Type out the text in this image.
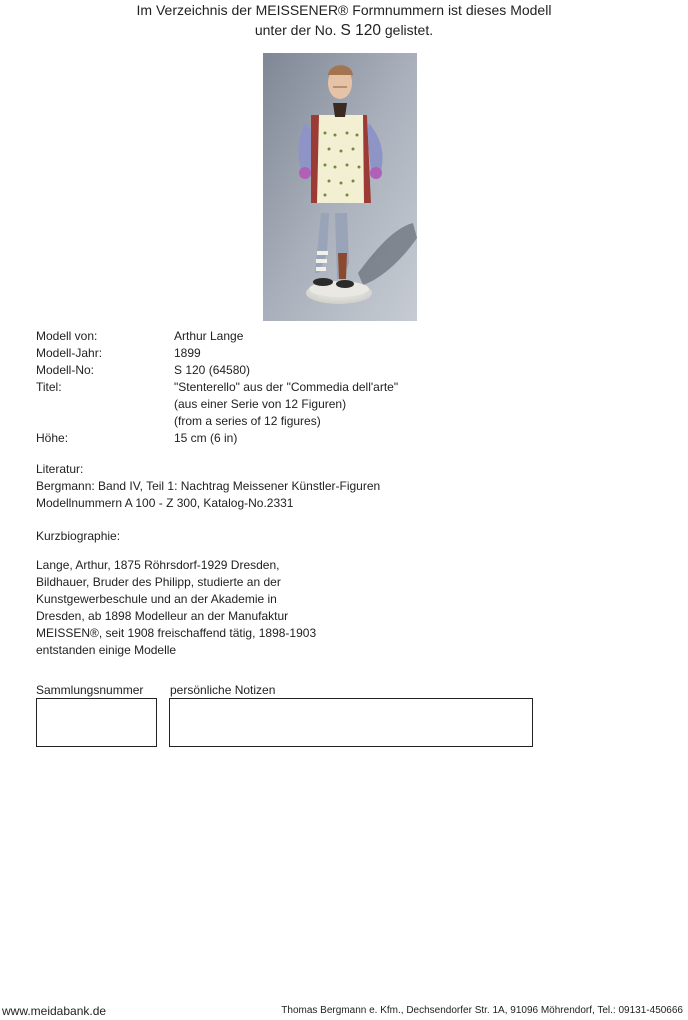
Im Verzeichnis der MEISSENER® Formnummern ist dieses Modell
unter der No. S 120 gelistet.
Modell von:	Arthur Lange
Modell-Jahr:	1899
Modell-No:	S 120 (64580)
Titel:	"Stenterello" aus der "Commedia dell'arte"
(aus einer Serie von 12 Figuren)
(from a series of 12 figures)
Höhe:	15 cm (6 in)
Literatur:
Bergmann: Band IV, Teil 1: Nachtrag Meissener Künstler-Figuren
Modellnummern A 100 - Z 300, Katalog-No.2331
Kurzbiographie:
Lange, Arthur, 1875 Röhrsdorf-1929 Dresden,
Bildhauer, Bruder des Philipp, studierte an der
Kunstgewerbeschule und an der Akademie in
Dresden, ab 1898 Modelleur an der Manufaktur
MEISSEN®, seit 1908 freischaffend tätig, 1898-1903
entstanden einige Modelle
Sammlungsnummer persönliche Notizen
www.meidabank.de	Thomas Bergmann e. Kfm., Dechsendorfer Str. 1A, 91096 Möhrendorf, Tel.: 09131-450666
